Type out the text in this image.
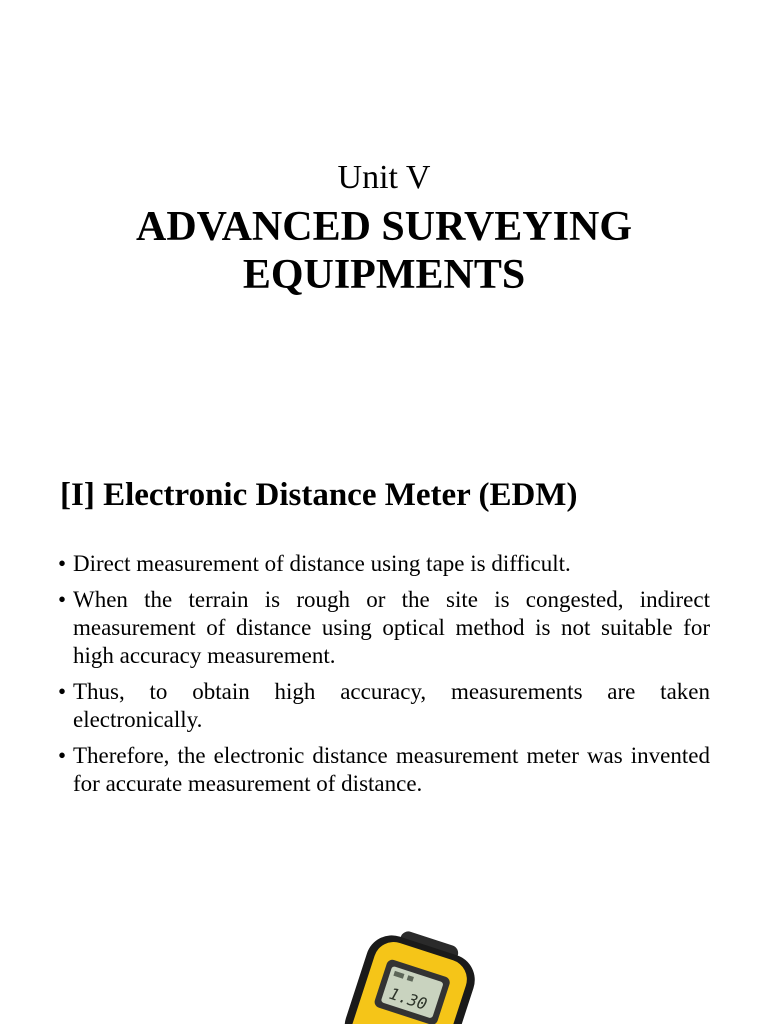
Unit V
ADVANCED SURVEYING
EQUIPMENTS
[I] Electronic Distance Meter (EDM)
• Direct measurement of distance using tape is difficult.
• When the terrain is rough or the site is congested, indirect measurement of distance using optical method is not suitable for high accuracy measurement.
• Thus, to obtain high accuracy, measurements are taken electronically.
• Therefore, the electronic distance measurement meter was invented for accurate measurement of distance.
1.30
